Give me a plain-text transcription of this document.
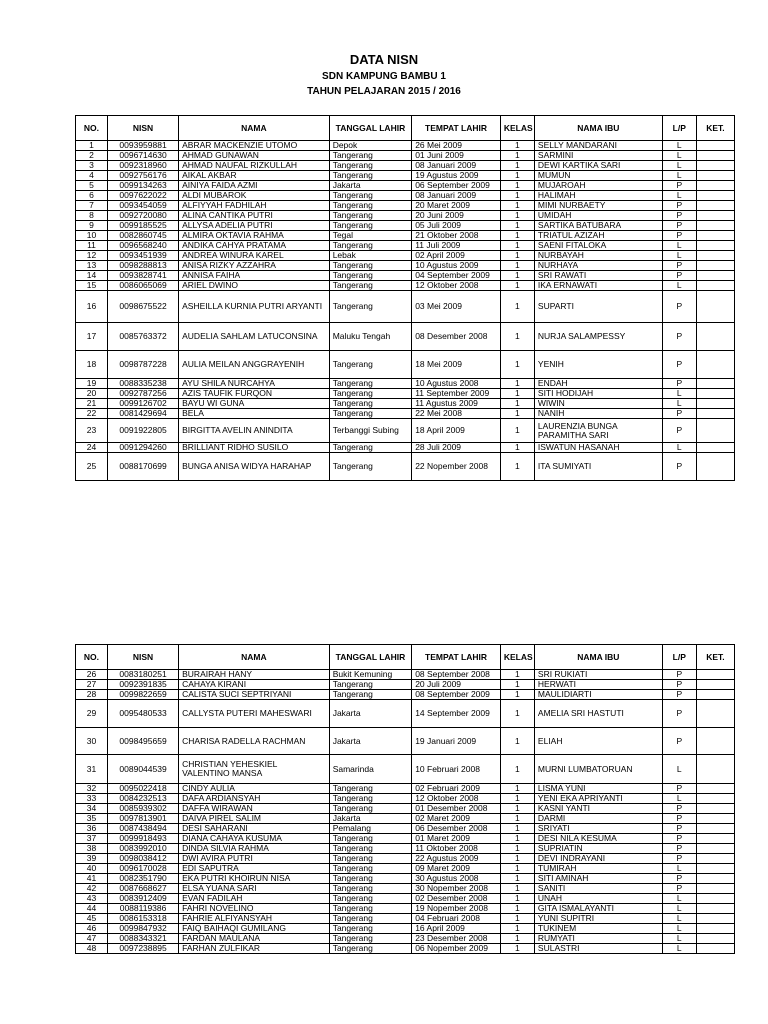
DATA NISN
SDN KAMPUNG BAMBU 1
TAHUN PELAJARAN 2015 / 2016
NO.	NISN	NAMA	TANGGAL LAHIR	TEMPAT LAHIR	KELAS	NAMA IBU	L/P	KET.
1	0093959881	ABRAR MACKENZIE UTOMO	Depok	26 Mei 2009	1	SELLY MANDARANI	L	
2	0096714630	AHMAD GUNAWAN	Tangerang	01 Juni 2009	1	SARMINI	L	
3	0092318960	AHMAD NAUFAL RIZKULLAH	Tangerang	08 Januari 2009	1	DEWI KARTIKA SARI	L	
4	0092756176	AIKAL AKBAR	Tangerang	19 Agustus 2009	1	MUMUN	L	
5	0099134263	AINIYA FAIDA AZMI	Jakarta	06 September 2009	1	MUJAROAH	P	
6	0097622022	ALDI MUBAROK	Tangerang	08 Januari 2009	1	HALIMAH	L	
7	0093454059	ALFIYYAH FADHILAH	Tangerang	20 Maret 2009	1	MIMI NURBAETY	P	
8	0092720080	ALINA CANTIKA PUTRI	Tangerang	20 Juni 2009	1	UMIDAH	P	
9	0099185525	ALLYSA ADELIA PUTRI	Tangerang	05 Juli 2009	1	SARTIKA BATUBARA	P	
10	0082860745	ALMIRA OKTAVIA RAHMA	Tegal	21 Oktober 2008	1	TRIATUL AZIZAH	P	
11	0096568240	ANDIKA CAHYA PRATAMA	Tangerang	11 Juli 2009	1	SAENI FITALOKA	L	
12	0093451939	ANDREA WINURA KAREL	Lebak	02 April 2009	1	NURBAYAH	L	
13	0098288813	ANISA RIZKY AZZAHRA	Tangerang	10 Agustus 2009	1	NURHAYA	P	
14	0093828741	ANNISA FAIHA	Tangerang	04 September 2009	1	SRI RAWATI	P	
15	0086065069	ARIEL DWINO	Tangerang	12 Oktober 2008	1	IKA ERNAWATI	L	
16	0098675522	ASHEILLA KURNIA PUTRI ARYANTI	Tangerang	03 Mei 2009	1	SUPARTI	P	
17	0085763372	AUDELIA SAHLAM LATUCONSINA	Maluku Tengah	08 Desember 2008	1	NURJA SALAMPESSY	P	
18	0098787228	AULIA MEILAN ANGGRAYENIH	Tangerang	18 Mei 2009	1	YENIH	P	
19	0088335238	AYU SHILA NURCAHYA	Tangerang	10 Agustus 2008	1	ENDAH	P	
20	0092787256	AZIS TAUFIK FURQON	Tangerang	11 September 2009	1	SITI HODIJAH	L	
21	0099126702	BAYU WI GUNA	Tangerang	11 Agustus 2009	1	WIWIN	L	
22	0081429694	BELA	Tangerang	22 Mei 2008	1	NANIH	P	
23	0091922805	BIRGITTA AVELIN ANINDITA	Terbanggi Subing	18 April 2009	1	LAURENZIA BUNGA PARAMITHA SARI	P	
24	0091294260	BRILLIANT RIDHO SUSILO	Tangerang	28 Juli 2009	1	ISWATUN HASANAH	L	
25	0088170699	BUNGA ANISA WIDYA HARAHAP	Tangerang	22 Nopember 2008	1	ITA SUMIYATI	P	
NO.	NISN	NAMA	TANGGAL LAHIR	TEMPAT LAHIR	KELAS	NAMA IBU	L/P	KET.
26	0083180251	BURAIRAH HANY	Bukit Kemuning	08 September 2008	1	SRI RUKIATI	P	
27	0092391835	CAHAYA KIRANI	Tangerang	20 Juli 2009	1	HERWATI	P	
28	0099822659	CALISTA SUCI SEPTRIYANI	Tangerang	08 September 2009	1	MAULIDIARTI	P	
29	0095480533	CALLYSTA PUTERI MAHESWARI	Jakarta	14 September 2009	1	AMELIA SRI HASTUTI	P	
30	0098495659	CHARISA RADELLA RACHMAN	Jakarta	19 Januari 2009	1	ELIAH	P	
31	0089044539	CHRISTIAN YEHESKIEL VALENTINO MANSA	Samarinda	10 Februari 2008	1	MURNI LUMBATORUAN	L	
32	0095022418	CINDY AULIA	Tangerang	02 Februari 2009	1	LISMA YUNI	P	
33	0084232513	DAFA ARDIANSYAH	Tangerang	12 Oktober 2008	1	YENI EKA APRIYANTI	L	
34	0085939302	DAFFA WIRAWAN	Tangerang	01 Desember 2008	1	KASNI YANTI	P	
35	0097813901	DAIVA PIREL SALIM	Jakarta	02 Maret 2009	1	DARMI	P	
36	0087438494	DESI SAHARANI	Pemalang	06 Desember 2008	1	SRIYATI	P	
37	0099918493	DIANA CAHAYA KUSUMA	Tangerang	01 Maret 2009	1	DESI NILA KESUMA	P	
38	0083992010	DINDA SILVIA RAHMA	Tangerang	11 Oktober 2008	1	SUPRIATIN	P	
39	0098038412	DWI AVIRA PUTRI	Tangerang	22 Agustus 2009	1	DEVI INDRAYANI	P	
40	0096170028	EDI SAPUTRA	Tangerang	09 Maret 2009	1	TUMIRAH	L	
41	0082351790	EKA PUTRI KHOIRUN NISA	Tangerang	30 Agustus 2008	1	SITI AMINAH	P	
42	0087668627	ELSA YUANA SARI	Tangerang	30 Nopember 2008	1	SANITI	P	
43	0083912409	EVAN FADILAH	Tangerang	02 Desember 2008	1	UNAH	L	
44	0088119386	FAHRI NOVELINO	Tangerang	19 Nopember 2008	1	GITA ISMALAYANTI	L	
45	0086153318	FAHRIE ALFIYANSYAH	Tangerang	04 Februari 2008	1	YUNI SUPITRI	L	
46	0099847932	FAIQ BAIHAQI GUMILANG	Tangerang	16 April 2009	1	TUKINEM	L	
47	0088343321	FARDAN MAULANA	Tangerang	23 Desember 2008	1	RUMYATI	L	
48	0097238895	FARHAN ZULFIKAR	Tangerang	06 Nopember 2009	1	SULASTRI	L	
